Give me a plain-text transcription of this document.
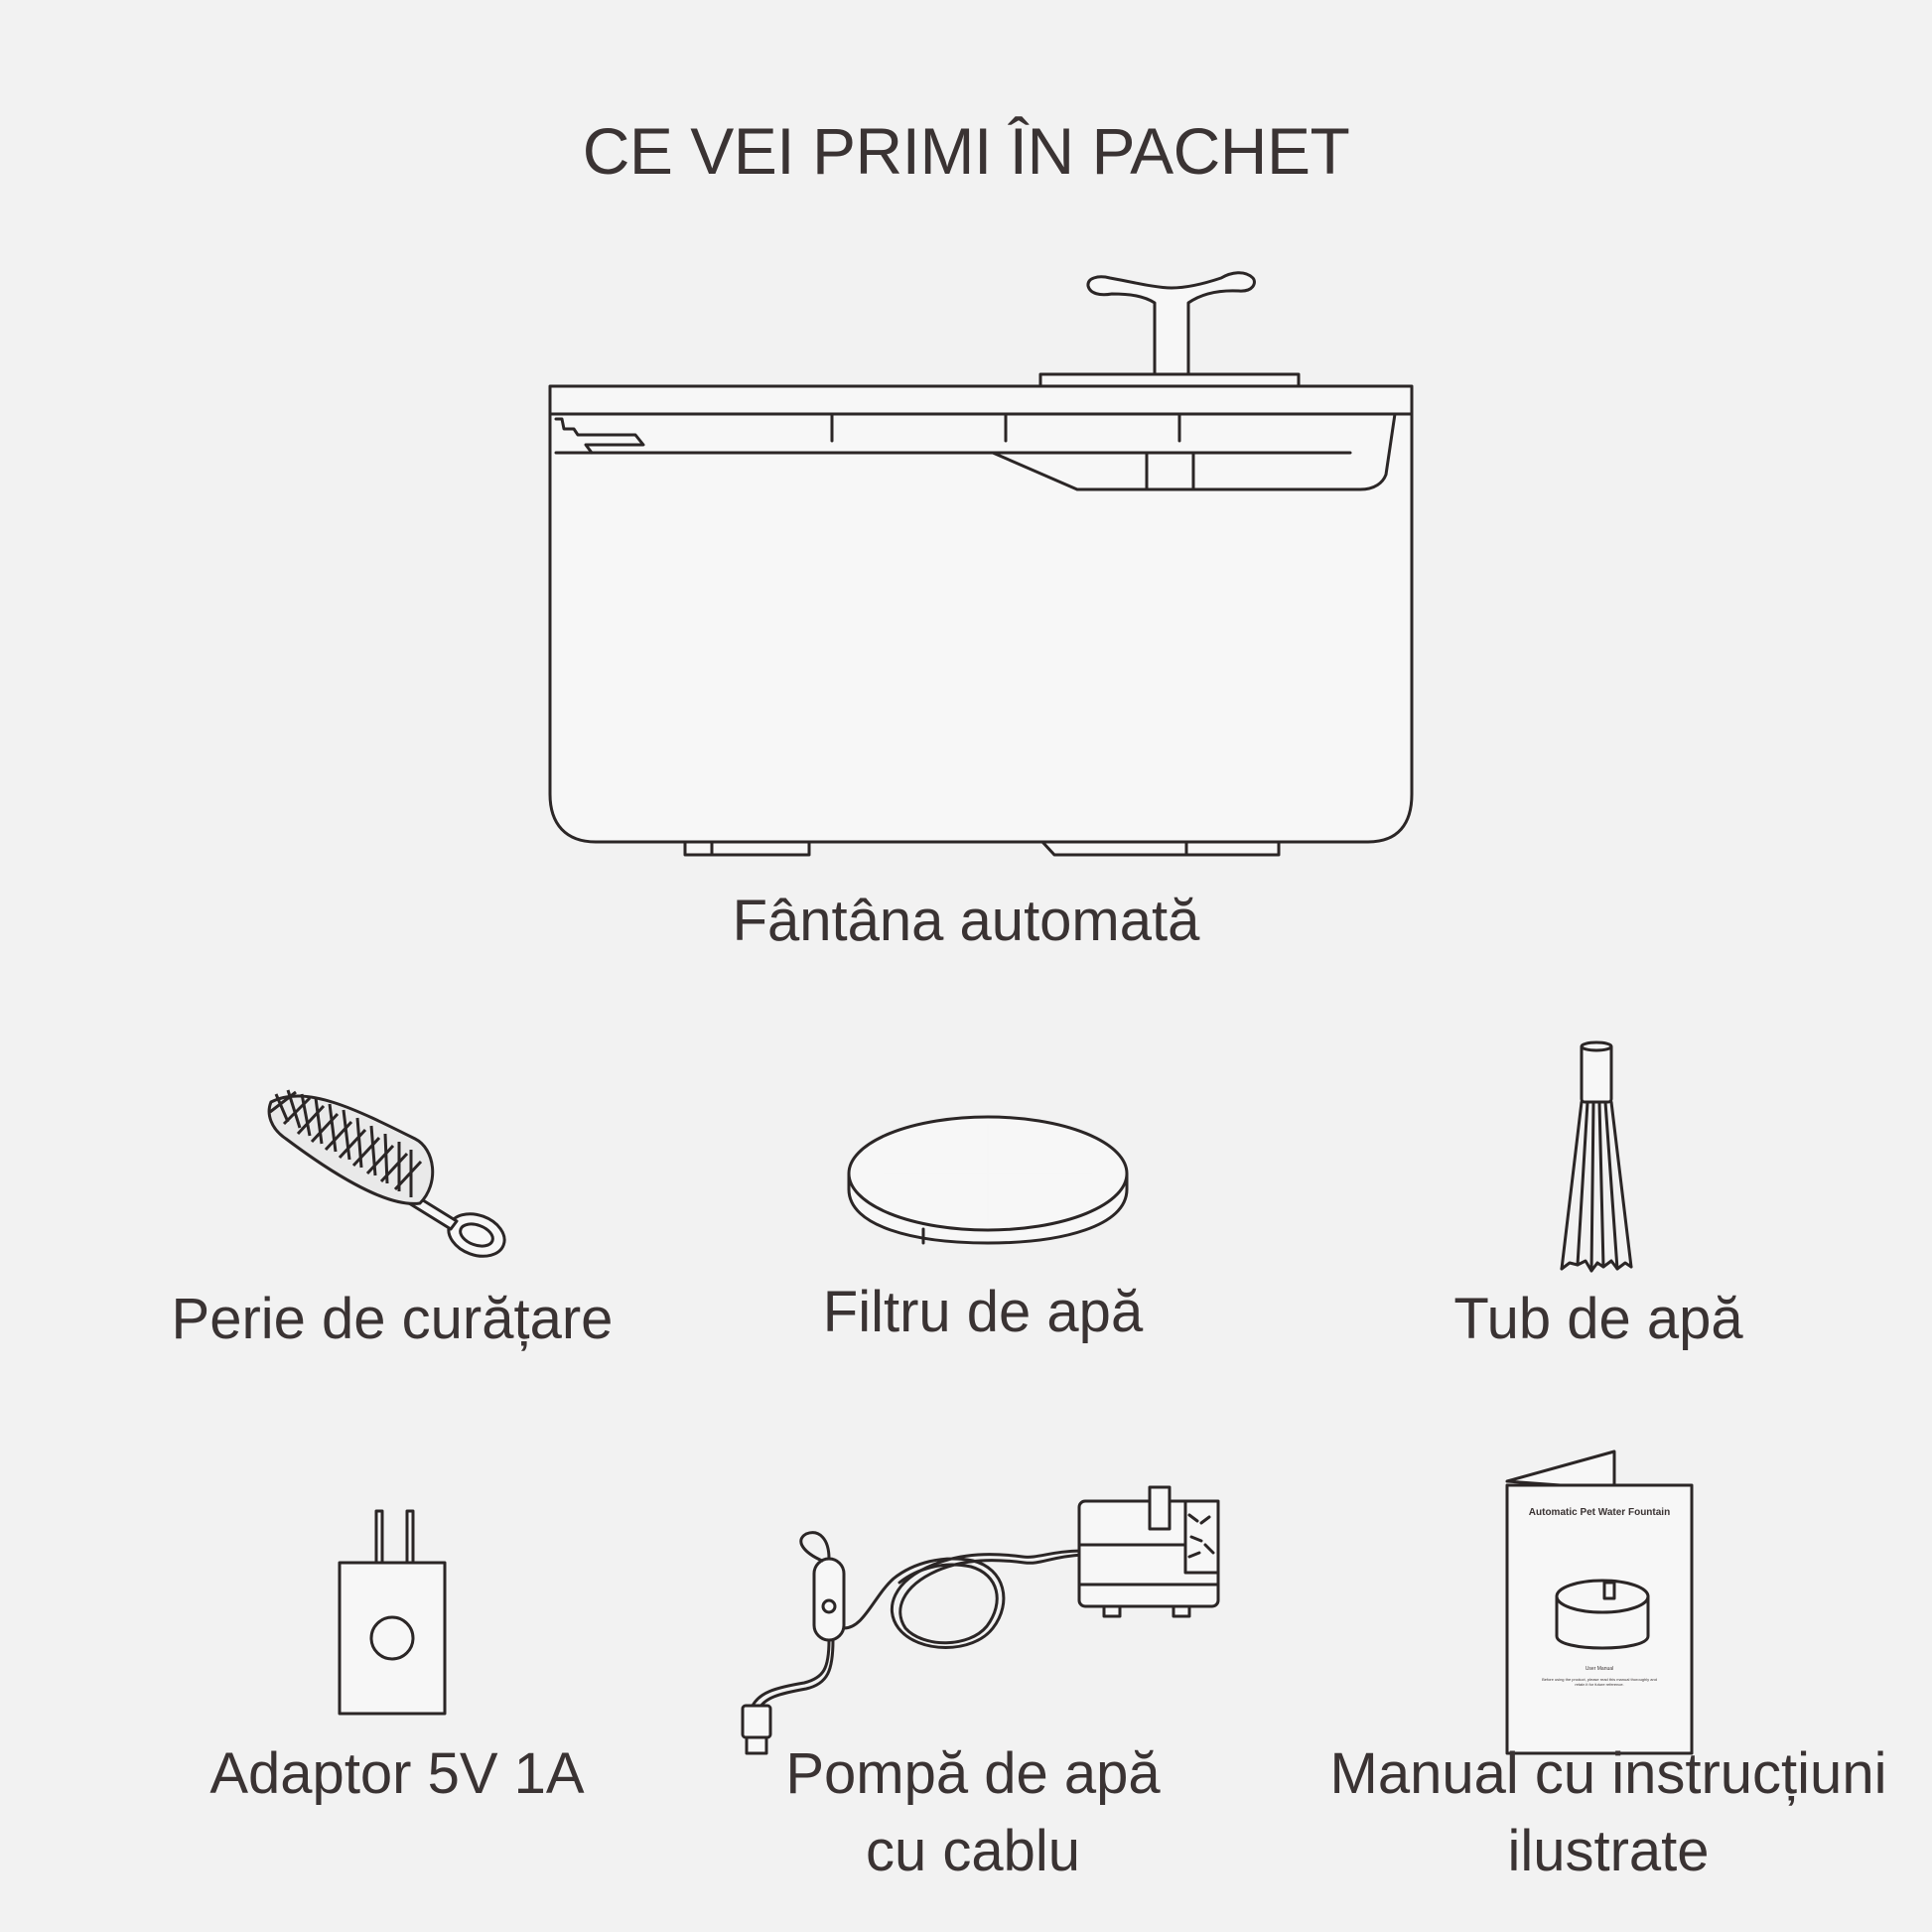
CE VEI PRIMI ÎN PACHET
Fântâna automată
Perie de curățare	Filtru de apă	Tub de apă
Adaptor 5V 1A	Pompă de apă
cu cablu
Automatic Pet Water Fountain
User Manual
Before using the product, please read this manual thoroughly and retain it for future reference.
Manual cu instrucțiuni
ilustrate
